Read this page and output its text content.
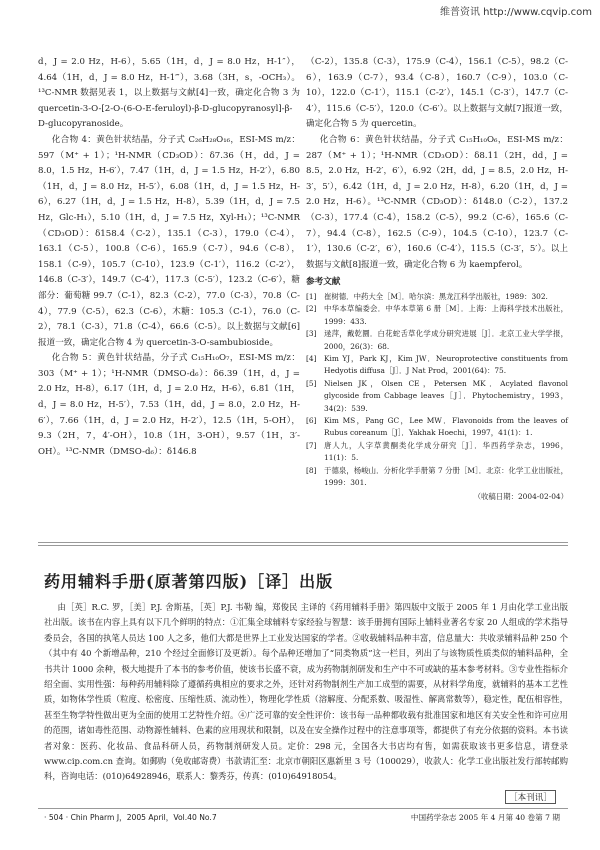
维普资讯 http://www.cqvip.com

d，J = 2.0 Hz，H-6），5.65（1H，d，J = 8.0 Hz，H-1″），4.64（1H，d，J = 8.0 Hz，H-1‴），3.68（3H，s，-OCH₃）。¹³C-NMR 数据见表 1，以上数据与文献[4]一致，确定化合物 3 为 quercetin-3-O-[2-O-(6-O-E-feruloyl)-β-D-glucopyranosyl]-β-D-glucopyranoside。

化合物 4：黄色针状结晶，分子式 C₂₆H₂₈O₁₆，ESI-MS m/z：597（M⁺ + 1）；¹H-NMR（CD₃OD）：δ7.36（H，dd，J = 8.0，1.5 Hz，H-6′），7.47（1H，d，J = 1.5 Hz，H-2′），6.80（1H，d，J = 8.0 Hz，H-5′），6.08（1H，d，J = 1.5 Hz，H-6），6.27（1H，d，J = 1.5 Hz，H-8），5.39（1H，d，J = 7.5 Hz，Glc-H₁），5.10（1H，d，J = 7.5 Hz，Xyl-H₁）；¹³C-NMR（CD₃OD）：δ158.4（C-2），135.1（C-3），179.0（C-4），163.1（C-5），100.8（C-6），165.9（C-7），94.6（C-8），158.1（C-9），105.7（C-10），123.9（C-1′），116.2（C-2′），146.8（C-3′），149.7（C-4′），117.3（C-5′），123.2（C-6′），糖部分：葡萄糖 99.7（C-1），82.3（C-2），77.0（C-3），70.8（C-4），77.9（C-5），62.3（C-6），木糖：105.3（C-1），76.0（C-2），78.1（C-3），71.8（C-4），66.6（C-5）。以上数据与文献[6]报道一致，确定化合物 4 为 quercetin-3-O-sambubioside。

化合物 5：黄色针状结晶，分子式 C₁₅H₁₀O₇，ESI-MS m/z：303（M⁺ + 1）；¹H-NMR（DMSO-d₆）：δ6.39（1H，d，J = 2.0 Hz，H-8），6.17（1H，d，J = 2.0 Hz，H-6），6.81（1H，d，J = 8.0 Hz，H-5′），7.53（1H，dd，J = 8.0，2.0 Hz，H-6′），7.66（1H，d，J = 2.0 Hz，H-2′），12.5（1H，5-OH），9.3（2H，7，4′-OH），10.8（1H，3-OH），9.57（1H，3′-OH）。¹³C-NMR（DMSO-d₆）：δ146.8

（C-2），135.8（C-3），175.9（C-4），156.1（C-5），98.2（C-6），163.9（C-7），93.4（C-8），160.7（C-9），103.0（C-10），122.0（C-1′），115.1（C-2′），145.1（C-3′），147.7（C-4′），115.6（C-5′），120.0（C-6′）。以上数据与文献[7]报道一致，确定化合物 5 为 quercetin。

化合物 6：黄色针状结晶，分子式 C₁₅H₁₀O₆，ESI-MS m/z：287（M⁺ + 1）；¹H-NMR（CD₃OD）：δ8.11（2H，dd，J = 8.5，2.0 Hz，H-2′，6′），6.92（2H，dd，J = 8.5，2.0 Hz，H-3′，5′），6.42（1H，d，J = 2.0 Hz，H-8），6.20（1H，d，J = 2.0 Hz，H-6）。¹³C-NMR（CD₃OD）：δ148.0（C-2），137.2（C-3），177.4（C-4），158.2（C-5），99.2（C-6），165.6（C-7），94.4（C-8），162.5（C-9），104.5（C-10），123.7（C-1′），130.6（C-2′，6′），160.6（C-4′），115.5（C-3′，5′）。以上数据与文献[8]报道一致，确定化合物 6 为 kaempferol。

参考文献
[1]	崔树德．中药大全［M］．哈尔滨：黑龙江科学出版社，1989：302.
[2]	中华本草编委会．中华本草第 6 册［M］．上海：上海科学技术出版社，1999：433.
[3]	逯萍，戴乾圜．白花蛇舌草化学成分研究进展［J］．北京工业大学学报，2000，26(3)：68.
[4]	Kim YJ，Park KJ，Kim JW．Neuroprotective constituents from Hedyotis diffusa［J］．J Nat Prod，2001(64)：75.
[5]	Nielsen JK，Olsen CE，Petersen MK．Acylated flavonol glycoside from Cabbage leaves［J］．Phytochemistry，1993，34(2)：539.
[6]	Kim MS，Pang GC，Lee MW．Flavonoids from the leaves of Rubus coreanum［J］．Yakhak Hoechi，1997，41(1)：1.
[7]	唐人九，人字草黄酮类化学成分研究［J］．华西药学杂志，1996，11(1)：5.
[8]	于德泉，杨峻山．分析化学手册第 7 分册［M］．北京：化学工业出版社，1999：301.
（收稿日期：2004-02-04）
药用辅料手册(原著第四版)［译］出版
由［英］R.C. 罗，［美］P.J. 舍斯基，［英］P.J. 韦勒 编，郑俊民 主译的《药用辅料手册》第四版中文版于 2005 年 1 月由化学工业出版社出版。该书在内容上具有以下几个鲜明的特点：①汇集全球辅料专家经验与智慧：该手册拥有国际上辅料业著名专家 20 人组成的学术指导委员会，各国的执笔人员达 100 人之多，他们大都是世界上工业发达国家的学者。②收载辅料品种丰富，信息量大：共收录辅料品种 250 个（其中有 40 个新增品种，210 个经过全面修订及更新）。每个品种还增加了“同类物质”这一栏目，列出了与该物质性质类似的辅料品种，全书共计 1000 余种，极大地提升了本书的参考价值，使该书长盛不衰，成为药物制剂研发和生产中不可或缺的基本参考材料。③专业性指标介绍全面、实用性强：每种药用辅料除了遵循药典相应的要求之外，还针对药物制剂生产加工成型的需要，从材料学角度，就辅料的基本工艺性质，如物体学性质（粒度、松密度、压缩性质、流动性），物理化学性质（溶解度、分配系数、吸湿性、解离常数等），稳定性，配伍相容性，甚至生物学特性做出更为全面的使用工艺特性介绍。④广泛可靠的安全性评价：该书每一品种都收载有批准国家和地区有关安全性和许可应用的范围，诸如毒性范围、动物源性辅料、色素的应用现状和限制，以及在安全操作过程中的注意事项等，都提供了有充分依据的资料。本书读者对象：医药、化妆品、食品科研人员，药物制剂研发人员。定价：298 元，全国各大书店均有售，如需获取该书更多信息，请登录 www.cip.com.cn 查询。如郵购（免收邮寄费）书款请汇至：北京市朝阳区惠新里 3 号（100029），收款人：化学工业出版社发行部转邮购科，咨询电话：(010)64928946，联系人：黎秀芬，传真：(010)64918054。
［本刊讯］
· 504 · Chin Pharm J，2005 April，Vol.40 No.7	中国药学杂志 2005 年 4 月第 40 卷第 7 期
